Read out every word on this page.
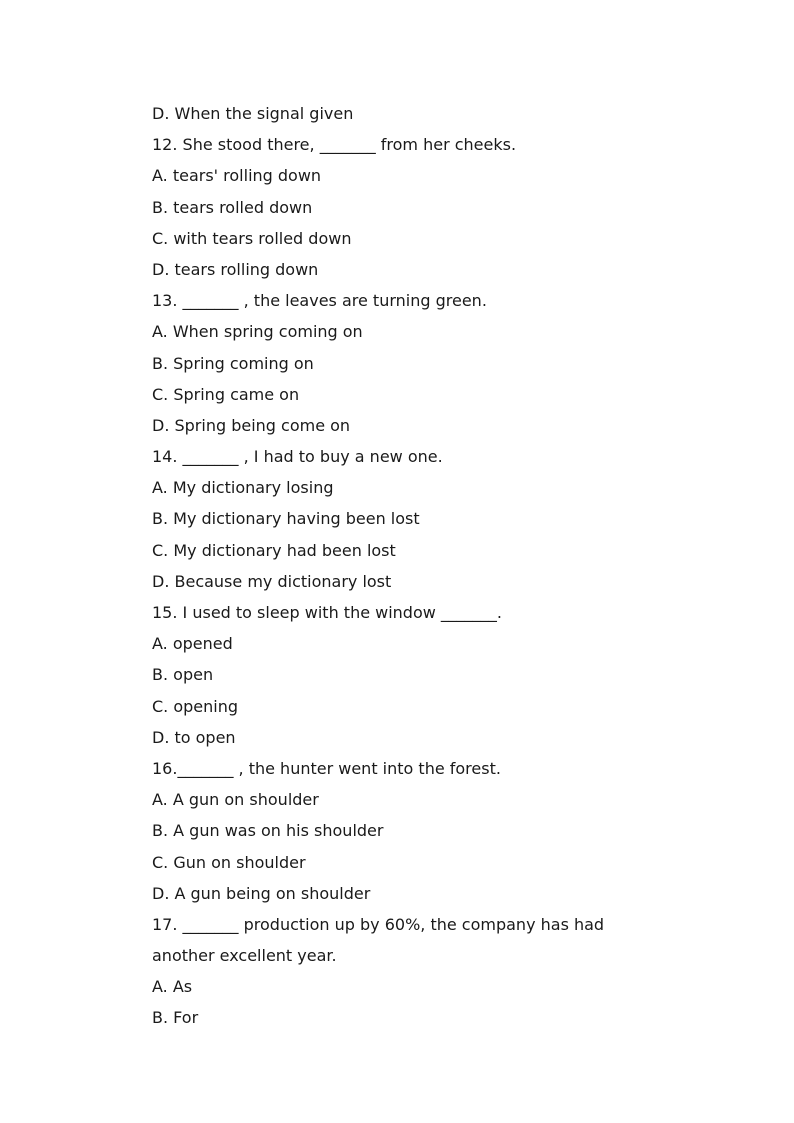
D. When the signal given
12. She stood there, _______ from her cheeks.
A. tears' rolling down
B. tears rolled down
C. with tears rolled down
D. tears rolling down
13. _______ , the leaves are turning green.
A. When spring coming on
B. Spring coming on
C. Spring came on
D. Spring being come on
14. _______ , I had to buy a new one.
A. My dictionary losing
B. My dictionary having been lost
C. My dictionary had been lost
D. Because my dictionary lost
15. I used to sleep with the window _______.
A. opened
B. open
C. opening
D. to open
16._______ , the hunter went into the forest.
A. A gun on shoulder
B. A gun was on his shoulder
C. Gun on shoulder
D. A gun being on shoulder
17. _______ production up by 60%, the company has had
another excellent year.
A. As
B. For
